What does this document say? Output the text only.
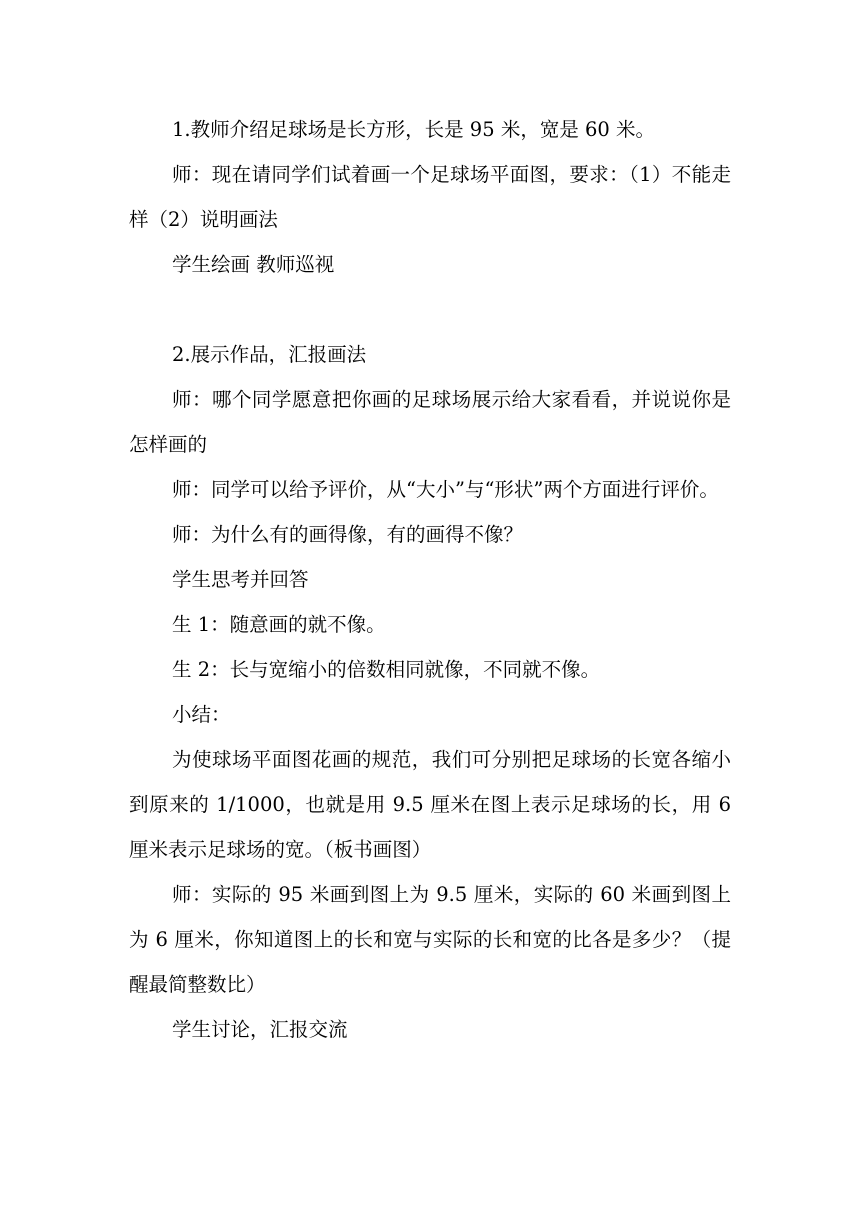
1.教师介绍足球场是长方形，长是 95 米，宽是 60 米。

师：现在请同学们试着画一个足球场平面图，要求：（1）不能走样（2）说明画法

学生绘画 教师巡视

2.展示作品，汇报画法

师：哪个同学愿意把你画的足球场展示给大家看看，并说说你是怎样画的

师：同学可以给予评价，从“大小”与“形状”两个方面进行评价。

师：为什么有的画得像，有的画得不像？

学生思考并回答

生 1：随意画的就不像。

生 2：长与宽缩小的倍数相同就像，不同就不像。

小结：

为使球场平面图花画的规范，我们可分别把足球场的长宽各缩小到原来的 1/1000，也就是用 9.5 厘米在图上表示足球场的长，用 6 厘米表示足球场的宽。（板书画图）

师：实际的 95 米画到图上为 9.5 厘米，实际的 60 米画到图上为 6 厘米，你知道图上的长和宽与实际的长和宽的比各是多少？（提醒最简整数比）

学生讨论，汇报交流
